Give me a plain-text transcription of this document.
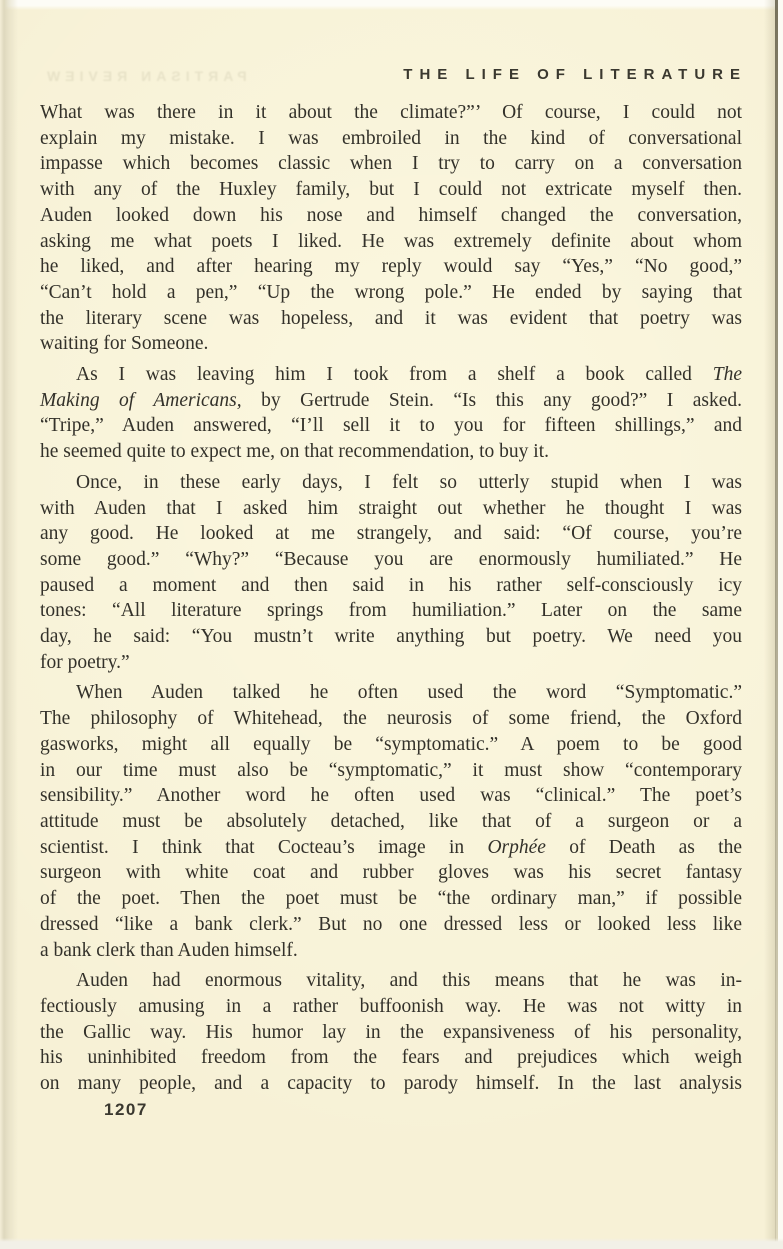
PARTISAN REVIEW	THE LIFE OF LITERATURE
What was there in it about the climate?”’ Of course, I could not
explain my mistake. I was embroiled in the kind of conversational
impasse which becomes classic when I try to carry on a conversation
with any of the Huxley family, but I could not extricate myself then.
Auden looked down his nose and himself changed the conversation,
asking me what poets I liked. He was extremely definite about whom
he liked, and after hearing my reply would say “Yes,” “No good,”
“Can’t hold a pen,” “Up the wrong pole.” He ended by saying that
the literary scene was hopeless, and it was evident that poetry was
waiting for Someone.
As I was leaving him I took from a shelf a book called The
Making of Americans, by Gertrude Stein. “Is this any good?” I asked.
“Tripe,” Auden answered, “I’ll sell it to you for fifteen shillings,” and
he seemed quite to expect me, on that recommendation, to buy it.
Once, in these early days, I felt so utterly stupid when I was
with Auden that I asked him straight out whether he thought I was
any good. He looked at me strangely, and said: “Of course, you’re
some good.” “Why?” “Because you are enormously humiliated.” He
paused a moment and then said in his rather self-consciously icy
tones: “All literature springs from humiliation.” Later on the same
day, he said: “You mustn’t write anything but poetry. We need you
for poetry.”
When Auden talked he often used the word “Symptomatic.”
The philosophy of Whitehead, the neurosis of some friend, the Oxford
gasworks, might all equally be “symptomatic.” A poem to be good
in our time must also be “symptomatic,” it must show “contemporary
sensibility.” Another word he often used was “clinical.” The poet’s
attitude must be absolutely detached, like that of a surgeon or a
scientist. I think that Cocteau’s image in Orphée of Death as the
surgeon with white coat and rubber gloves was his secret fantasy
of the poet. Then the poet must be “the ordinary man,” if possible
dressed “like a bank clerk.” But no one dressed less or looked less like
a bank clerk than Auden himself.
Auden had enormous vitality, and this means that he was in-
fectiously amusing in a rather buffoonish way. He was not witty in
the Gallic way. His humor lay in the expansiveness of his personality,
his uninhibited freedom from the fears and prejudices which weigh
on many people, and a capacity to parody himself. In the last analysis
1207
